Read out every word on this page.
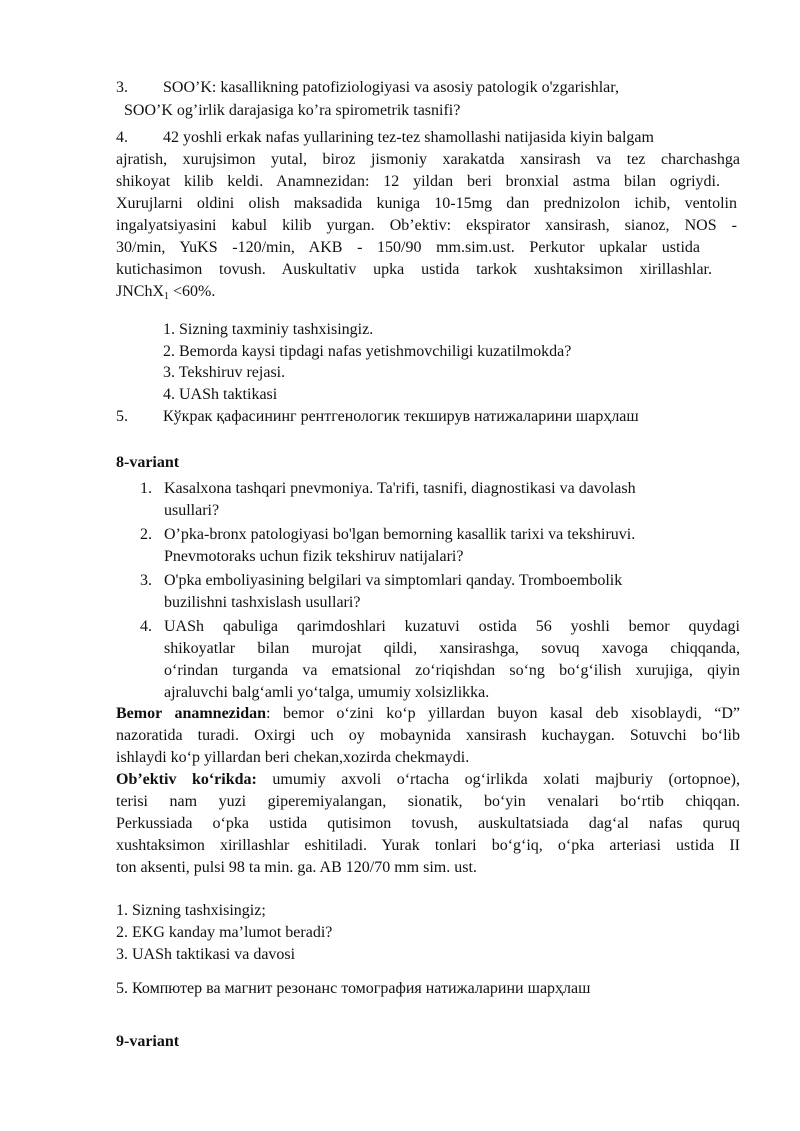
3. SOO’K: kasallikning patofiziologiyasi va asosiy patologik o'zgarishlar,
SOO’K og’irlik darajasiga ko’ra spirometrik tasnifi?
4. 42 yoshli erkak nafas yullarining tez-tez shamollashi natijasida kiyin balgam
ajratish, xurujsimon yutal, biroz jismoniy xarakatda xansirash va tez charchashga
shikoyat kilib keldi. Anamnezidan: 12 yildan beri bronxial astma bilan ogriydi.
Xurujlarni oldini olish maksadida kuniga 10-15mg dan prednizolon ichib, ventolin
ingalyatsiyasini kabul kilib yurgan. Ob’ektiv: ekspirator xansirash, sianoz, NOS -
30/min, YuKS -120/min, AKB - 150/90 mm.sim.ust. Perkutor upkalar ustida
kutichasimon tovush. Auskultativ upka ustida tarkok xushtaksimon xirillashlar.
JNChX$_1$ <60%.
1. Sizning taxminiy tashxisingiz.
2. Bemorda kaysi tipdagi nafas yetishmovchiligi kuzatilmokda?
3. Tekshiruv rejasi.
4. UASh taktikasi
5. Кўкрак қафасининг рентгенологик текширув натижаларини шарҳлаш
8-variant
1. Kasalxona tashqari pnevmoniya. Ta'rifi, tasnifi, diagnostikasi va davolash
usullari?
2. O’pka-bronx patologiyasi bo'lgan bemorning kasallik tarixi va tekshiruvi.
Pnevmotoraks uchun fizik tekshiruv natijalari?
3. O'pka emboliyasining belgilari va simptomlari qanday. Tromboembolik
buzilishni tashxislash usullari?
4. UASh qabuliga qarimdoshlari kuzatuvi ostida 56 yoshli bemor quydagi
shikoyatlar bilan murojat qildi, xansirashga, sovuq xavoga chiqqanda,
o‘rindan turganda va ematsional zo‘riqishdan so‘ng bo‘g‘ilish xurujiga, qiyin
ajraluvchi balg‘amli yo‘talga, umumiy xolsizlikka.
Bemor anamnezidan: bemor o‘zini ko‘p yillardan buyon kasal deb xisoblaydi, “D”
nazoratida turadi. Oxirgi uch oy mobaynida xansirash kuchaygan. Sotuvchi bo‘lib
ishlaydi ko‘p yillardan beri chekan,xozirda chekmaydi.
Ob’ektiv ko‘rikda: umumiy axvoli o‘rtacha og‘irlikda xolati majburiy (ortopnoe),
terisi nam yuzi giperemiyalangan, sionatik, bo‘yin venalari bo‘rtib chiqqan.
Perkussiada o‘pka ustida qutisimon tovush, auskultatsiada dag‘al nafas quruq
xushtaksimon xirillashlar eshitiladi. Yurak tonlari bo‘g‘iq, o‘pka arteriasi ustida II
ton aksenti, pulsi 98 ta min. ga. AB 120/70 mm sim. ust.
1. Sizning tashxisingiz;
2. EKG kanday ma’lumot beradi?
3. UASh taktikasi va davosi
5. Компютер ва магнит резонанс томография натижаларини шарҳлаш
9-variant
